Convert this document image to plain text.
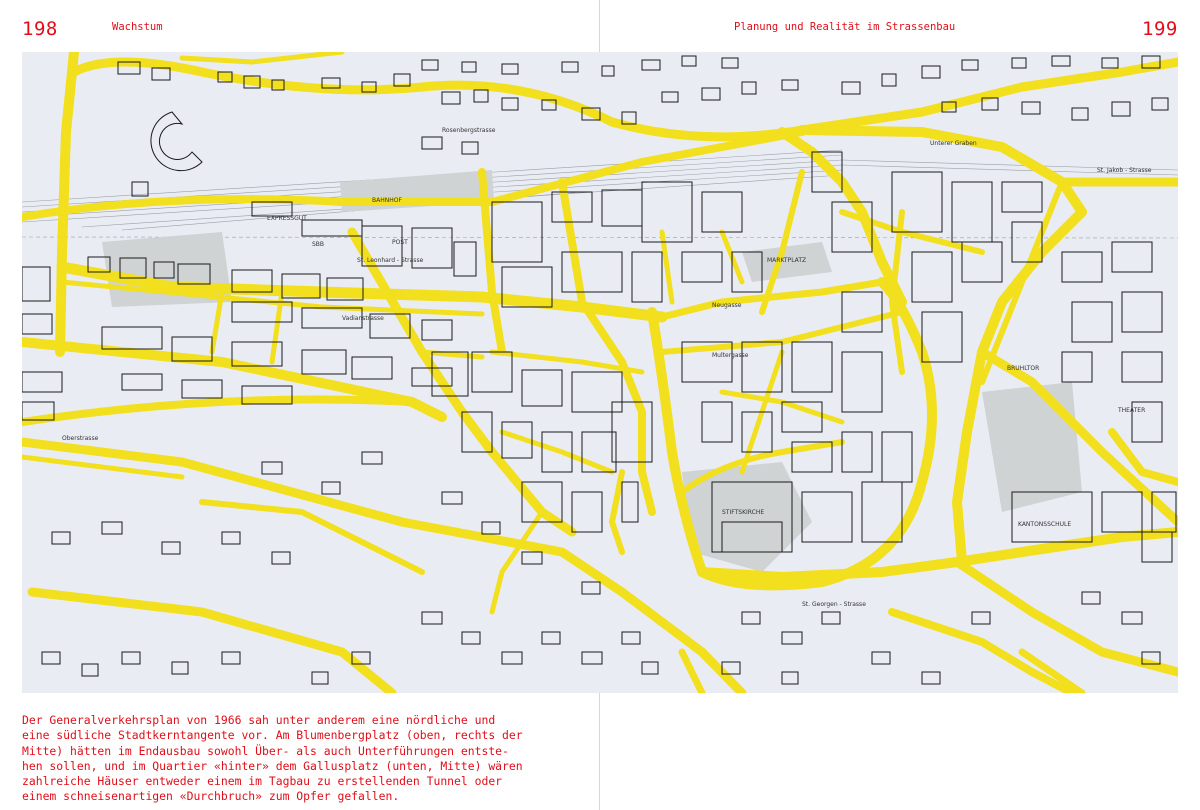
198	Wachstum	Planung und Realität im Strassenbau	199
BAHNHOF
EXPRESSGUT
SBB	POST
St. Leonhard - Strasse	MARKTPLATZ
BRUHLTOR
THEATER
STIFTSKIRCHE
KANTONSSCHULE
St. Jakob - Strasse
St. Georgen - Strasse
Unterer Graben
Oberstrasse
Rosenbergstrasse
Vadianstrasse
Multergasse
Neugasse

Der Generalverkehrsplan von 1966 sah unter anderem eine nördliche und
eine südliche Stadtkerntangente vor. Am Blumenbergplatz (oben, rechts der
Mitte) hätten im Endausbau sowohl Über- als auch Unterführungen entste-
hen sollen, und im Quartier «hinter» dem Gallusplatz (unten, Mitte) wären
zahlreiche Häuser entweder einem im Tagbau zu erstellenden Tunnel oder
einem schneisenartigen «Durchbruch» zum Opfer gefallen.
